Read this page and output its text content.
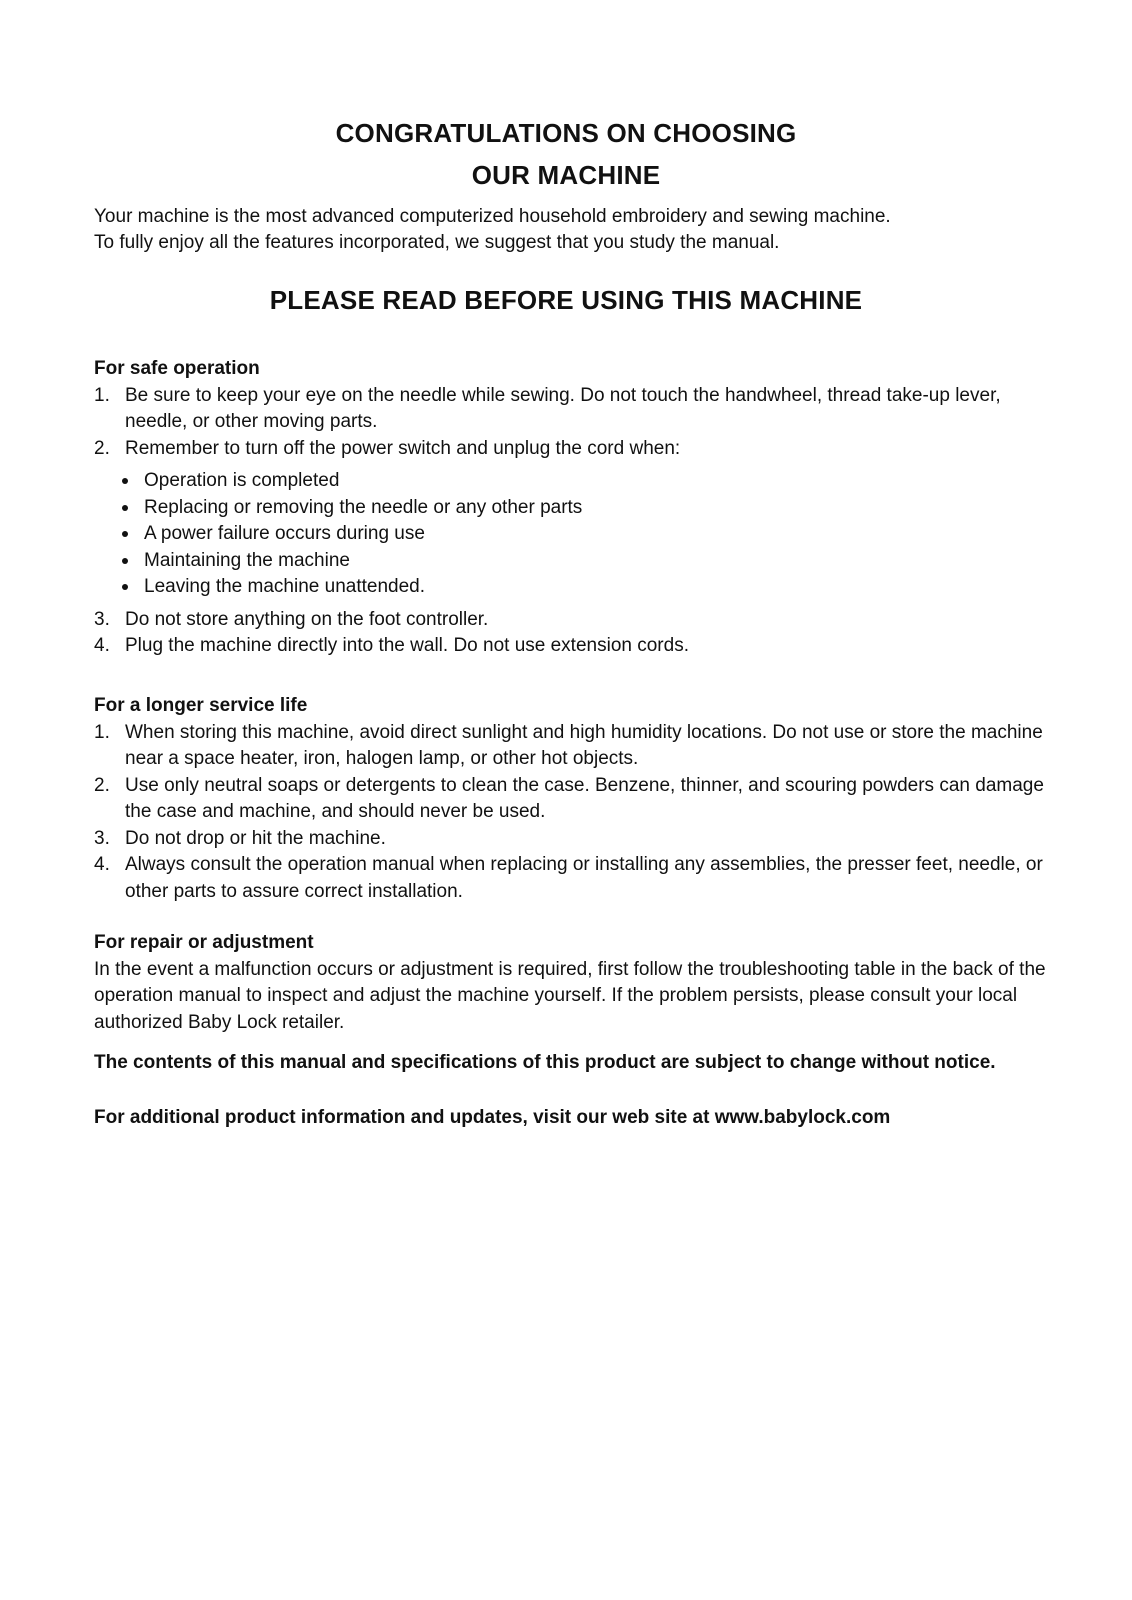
CONGRATULATIONS ON CHOOSING
OUR MACHINE

Your machine is the most advanced computerized household embroidery and sewing machine.

To fully enjoy all the features incorporated, we suggest that you study the manual.

PLEASE READ BEFORE USING THIS MACHINE
For safe operation
1. Be sure to keep your eye on the needle while sewing. Do not touch the handwheel, thread take-up lever, needle, or other moving parts.
2. Remember to turn off the power switch and unplug the cord when:
Operation is completed
Replacing or removing the needle or any other parts
A power failure occurs during use
Maintaining the machine
Leaving the machine unattended.
3. Do not store anything on the foot controller.
4. Plug the machine directly into the wall. Do not use extension cords.
For a longer service life
1. When storing this machine, avoid direct sunlight and high humidity locations. Do not use or store the machine near a space heater, iron, halogen lamp, or other hot objects.
2. Use only neutral soaps or detergents to clean the case. Benzene, thinner, and scouring powders can damage the case and machine, and should never be used.
3. Do not drop or hit the machine.
4. Always consult the operation manual when replacing or installing any assemblies, the presser feet, needle, or other parts to assure correct installation.
For repair or adjustment

In the event a malfunction occurs or adjustment is required, first follow the troubleshooting table in the back of the operation manual to inspect and adjust the machine yourself. If the problem persists, please consult your local authorized Baby Lock retailer.

The contents of this manual and specifications of this product are subject to change without notice.

For additional product information and updates, visit our web site at www.babylock.com
